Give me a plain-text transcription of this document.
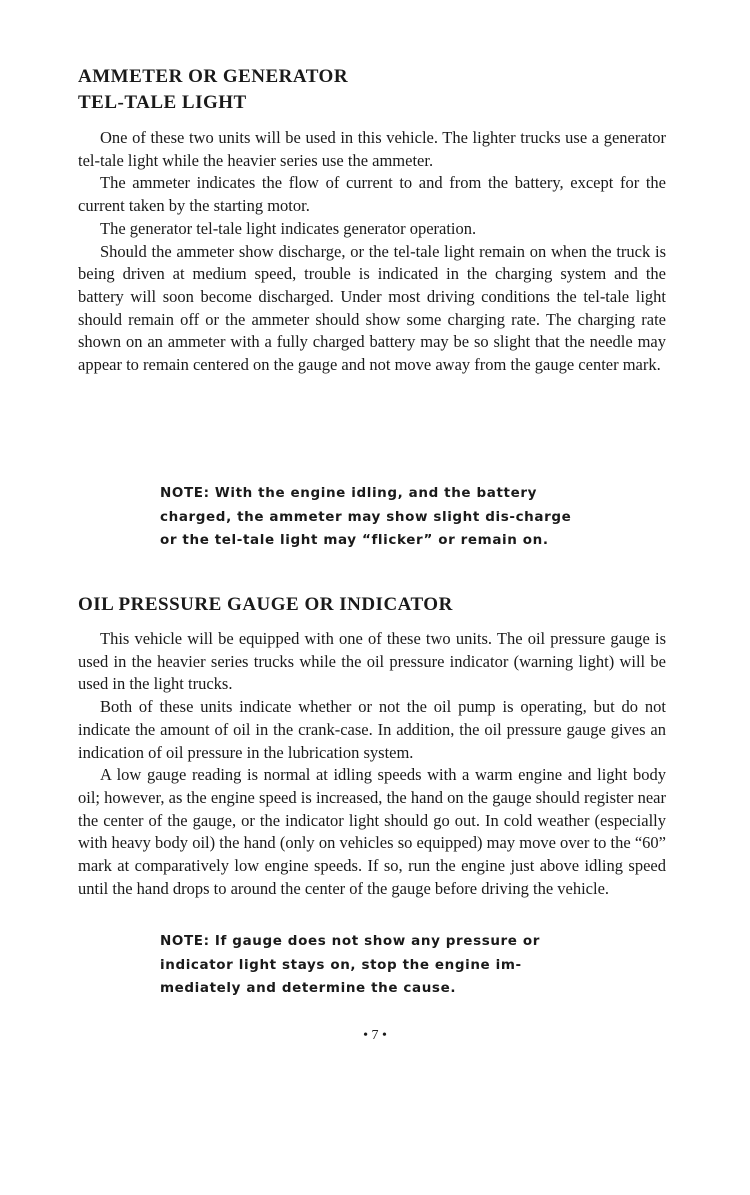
AMMETER OR GENERATOR
TEL-TALE LIGHT
One of these two units will be used in this vehicle. The lighter trucks use a generator tel-tale light while the heavier series use the ammeter.
The ammeter indicates the flow of current to and from the battery, except for the current taken by the starting motor.
The generator tel-tale light indicates generator operation.
Should the ammeter show discharge, or the tel-tale light remain on when the truck is being driven at medium speed, trouble is indicated in the charging system and the battery will soon become discharged. Under most driving conditions the tel-tale light should remain off or the ammeter should show some charging rate. The charging rate shown on an ammeter with a fully charged battery may be so slight that the needle may appear to remain centered on the gauge and not move away from the gauge center mark.

NOTE: With the engine idling, and the battery charged, the ammeter may show slight dis-charge or the tel-tale light may “flicker” or remain on.

OIL PRESSURE GAUGE OR INDICATOR
This vehicle will be equipped with one of these two units. The oil pressure gauge is used in the heavier series trucks while the oil pressure indicator (warning light) will be used in the light trucks.
Both of these units indicate whether or not the oil pump is operating, but do not indicate the amount of oil in the crank-case. In addition, the oil pressure gauge gives an indication of oil pressure in the lubrication system.
A low gauge reading is normal at idling speeds with a warm engine and light body oil; however, as the engine speed is increased, the hand on the gauge should register near the center of the gauge, or the indicator light should go out. In cold weather (especially with heavy body oil) the hand (only on vehicles so equipped) may move over to the “60” mark at comparatively low engine speeds. If so, run the engine just above idling speed until the hand drops to around the center of the gauge before driving the vehicle.

NOTE: If gauge does not show any pressure or indicator light stays on, stop the engine im-mediately and determine the cause.

• 7 •
